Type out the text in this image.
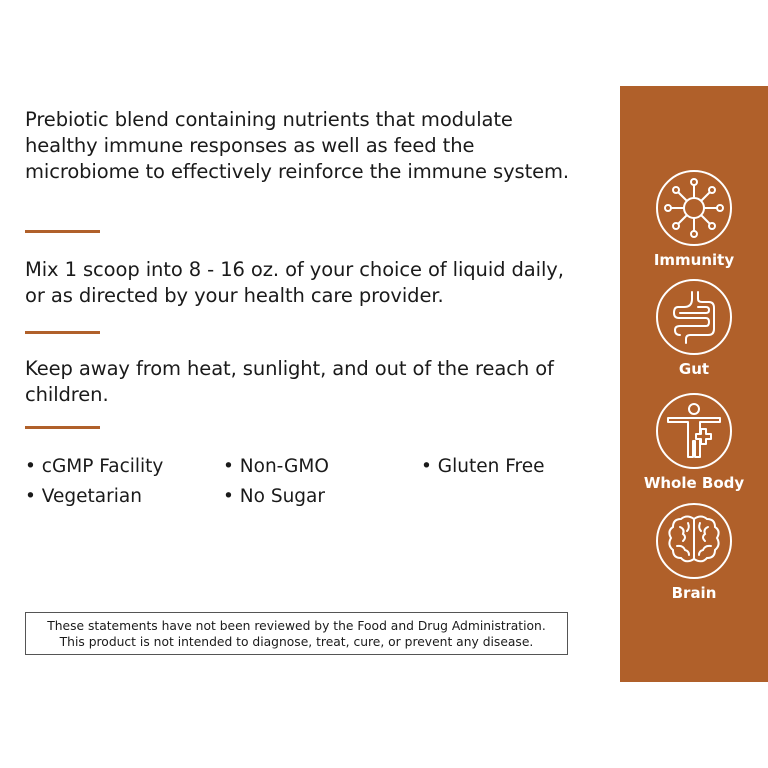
Prebiotic blend containing nutrients that modulate healthy immune responses as well as feed the microbiome to effectively reinforce the immune system.

Mix 1 scoop into 8 - 16 oz. of your choice of liquid daily, or as directed by your health care provider.

Keep away from heat, sunlight, and out of the reach of children.

• cGMP Facility	• Non-GMO	• Gluten Free
• Vegetarian	• No Sugar
These statements have not been reviewed by the Food and Drug Administration.
This product is not intended to diagnose, treat, cure, or prevent any disease.
Immunity
Gut
Whole Body
Brain
